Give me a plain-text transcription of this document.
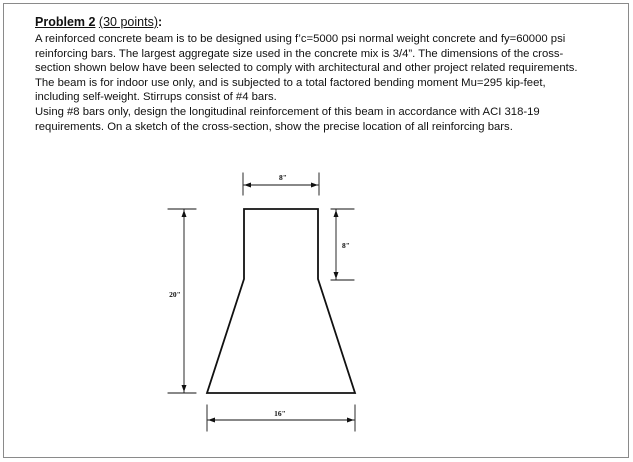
Problem 2 (30 points):

A reinforced concrete beam is to be designed using f’c=5000 psi normal weight concrete and fy=60000 psi

reinforcing bars. The largest aggregate size used in the concrete mix is 3/4”. The dimensions of the cross-

section shown below have been selected to comply with architectural and other project related requirements.

The beam is for indoor use only, and is subjected to a total factored bending moment Mu=295 kip-feet,

including self-weight. Stirrups consist of #4 bars.

Using #8 bars only, design the longitudinal reinforcement of this beam in accordance with ACI 318-19

requirements. On a sketch of the cross-section, show the precise location of all reinforcing bars.

8"
8"
20"
16"
